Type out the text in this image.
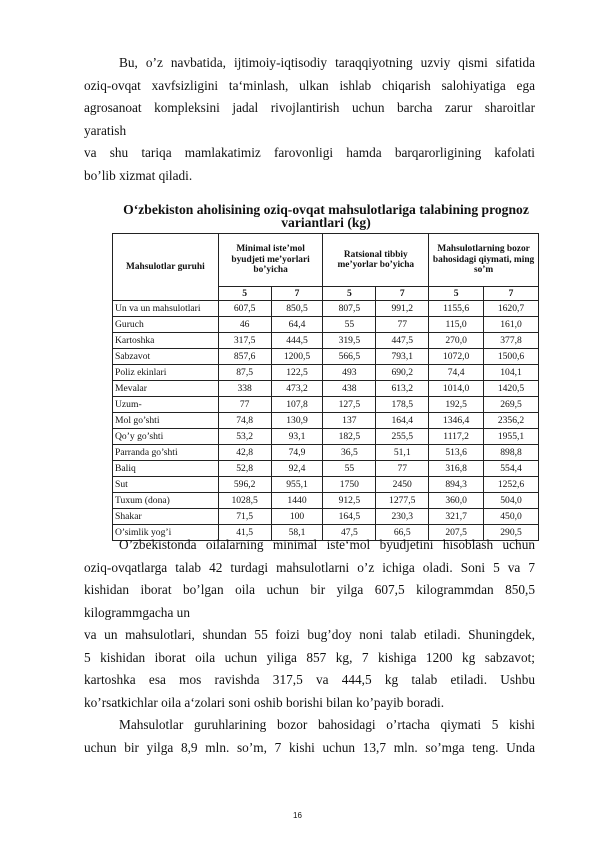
Bu, o’z navbatida, ijtimoiy-iqtisodiy taraqqiyotning uzviy qismi sifatida
oziq-ovqat xavfsizligini ta‘minlash, ulkan ishlab chiqarish salohiyatiga ega
agrosanoat kompleksini jadal rivojlantirish uchun barcha zarur sharoitlar
yaratish
va shu tariqa mamlakatimiz farovonligi hamda barqarorligining kafolati
bo’lib xizmat qiladi.

O‘zbekiston aholisining oziq-ovqat mahsulotlariga talabining prognoz
variantlari (kg)
Mahsulotlar guruhi	Minimal iste’mol byudjeti me’yorlari bo’yicha		Ratsional tibbiy me’yorlar bo’yicha		Mahsulotlarning bozor bahosidagi qiymati, ming so’m	
	5	7	5	7	5	7
Un va un mahsulotlari	607,5	850,5	807,5	991,2	1155,6	1620,7
Guruch	46	64,4	55	77	115,0	161,0
Kartoshka	317,5	444,5	319,5	447,5	270,0	377,8
Sabzavot	857,6	1200,5	566,5	793,1	1072,0	1500,6
Poliz ekinlari	87,5	122,5	493	690,2	74,4	104,1
Mevalar	338	473,2	438	613,2	1014,0	1420,5
Uzum-	77	107,8	127,5	178,5	192,5	269,5
Mol go’shti	74,8	130,9	137	164,4	1346,4	2356,2
Qo’y go’shti	53,2	93,1	182,5	255,5	1117,2	1955,1
Parranda go’shti	42,8	74,9	36,5	51,1	513,6	898,8
Baliq	52,8	92,4	55	77	316,8	554,4
Sut	596,2	955,1	1750	2450	894,3	1252,6
Tuxum (dona)	1028,5	1440	912,5	1277,5	360,0	504,0
Shakar	71,5	100	164,5	230,3	321,7	450,0
O’simlik yog’i	41,5	58,1	47,5	66,5	207,5	290,5

O’zbekistonda oilalarning minimal iste‘mol byudjetini hisoblash uchun
oziq-ovqatlarga talab 42 turdagi mahsulotlarni o’z ichiga oladi. Soni 5 va 7
kishidan iborat bo’lgan oila uchun bir yilga 607,5 kilogrammdan 850,5
kilogrammgacha un
va un mahsulotlari, shundan 55 foizi bug’doy noni talab etiladi. Shuningdek,
5 kishidan iborat oila uchun yiliga 857 kg, 7 kishiga 1200 kg sabzavot;
kartoshka esa mos ravishda 317,5 va 444,5 kg talab etiladi. Ushbu
ko’rsatkichlar oila a‘zolari soni oshib borishi bilan ko’payib boradi.
Mahsulotlar guruhlarining bozor bahosidagi o’rtacha qiymati 5 kishi
uchun bir yilga 8,9 mln. so’m, 7 kishi uchun 13,7 mln. so’mga teng. Unda

16
